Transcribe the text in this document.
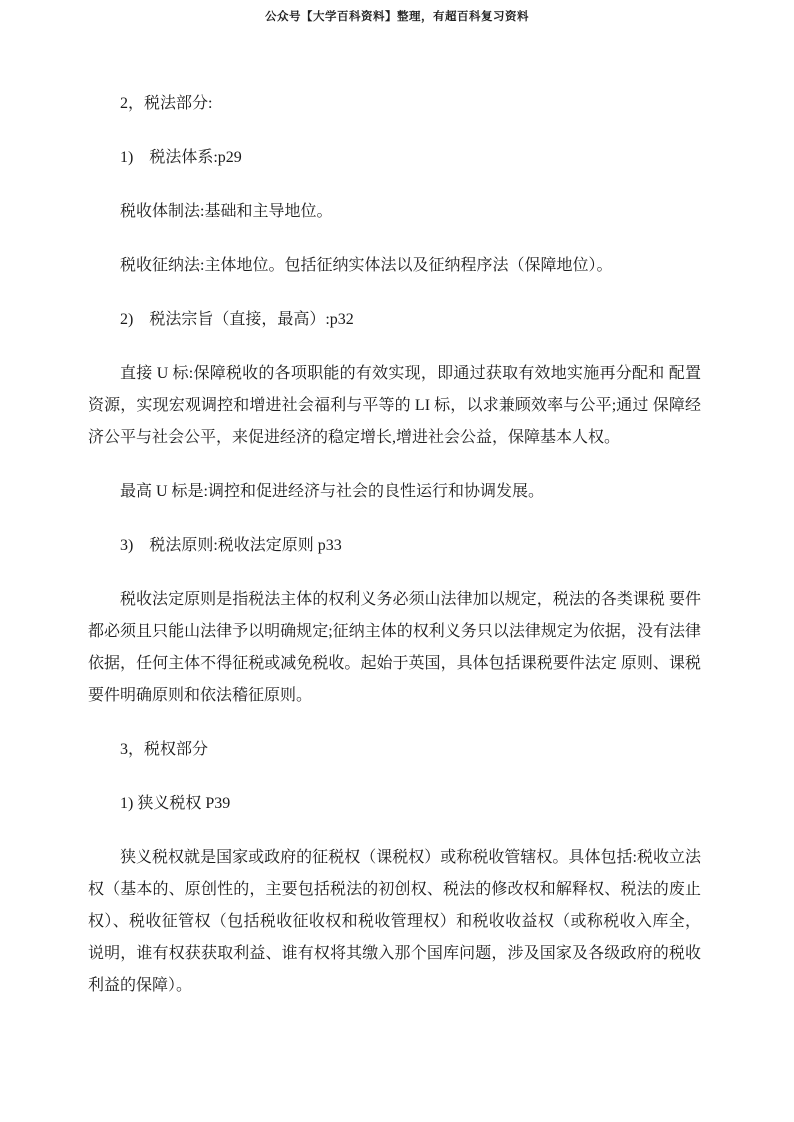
公众号【大学百科资料】整理，有超百科复习资料

2，税法部分:

1)　税法体系:p29

税收体制法:基础和主导地位。

税收征纳法:主体地位。包括征纳实体法以及征纳程序法（保障地位）。

2)　税法宗旨（直接，最高）:p32

直接 U 标:保障税收的各项职能的有效实现，即通过获取有效地实施再分配和 配置资源，实现宏观调控和增进社会福利与平等的 LI 标，以求兼顾效率与公平;通过 保障经济公平与社会公平，来促进经济的稳定增长,增进社会公益，保障基本人权。

最高 U 标是:调控和促进经济与社会的良性运行和协调发展。

3)　税法原则:税收法定原则 p33

税收法定原则是指税法主体的权利义务必须山法律加以规定，税法的各类课税 要件都必须且只能山法律予以明确规定;征纳主体的权利义务只以法律规定为依据，没有法律依据，任何主体不得征税或减免税收。起始于英国，具体包括课税要件法定 原则、课税要件明确原则和依法稽征原则。

3，税权部分

1) 狭义税权 P39

狭义税权就是国家或政府的征税权（课税权）或称税收管辖权。具体包括:税收立法权（基本的、原创性的，主要包括税法的初创权、税法的修改权和解释权、税法的废止权）、税收征管权（包括税收征收权和税收管理权）和税收收益权（或称税收入库全，说明，谁有权获获取利益、谁有权将其缴入那个国库问题，涉及国家及各级政府的税收利益的保障）。
